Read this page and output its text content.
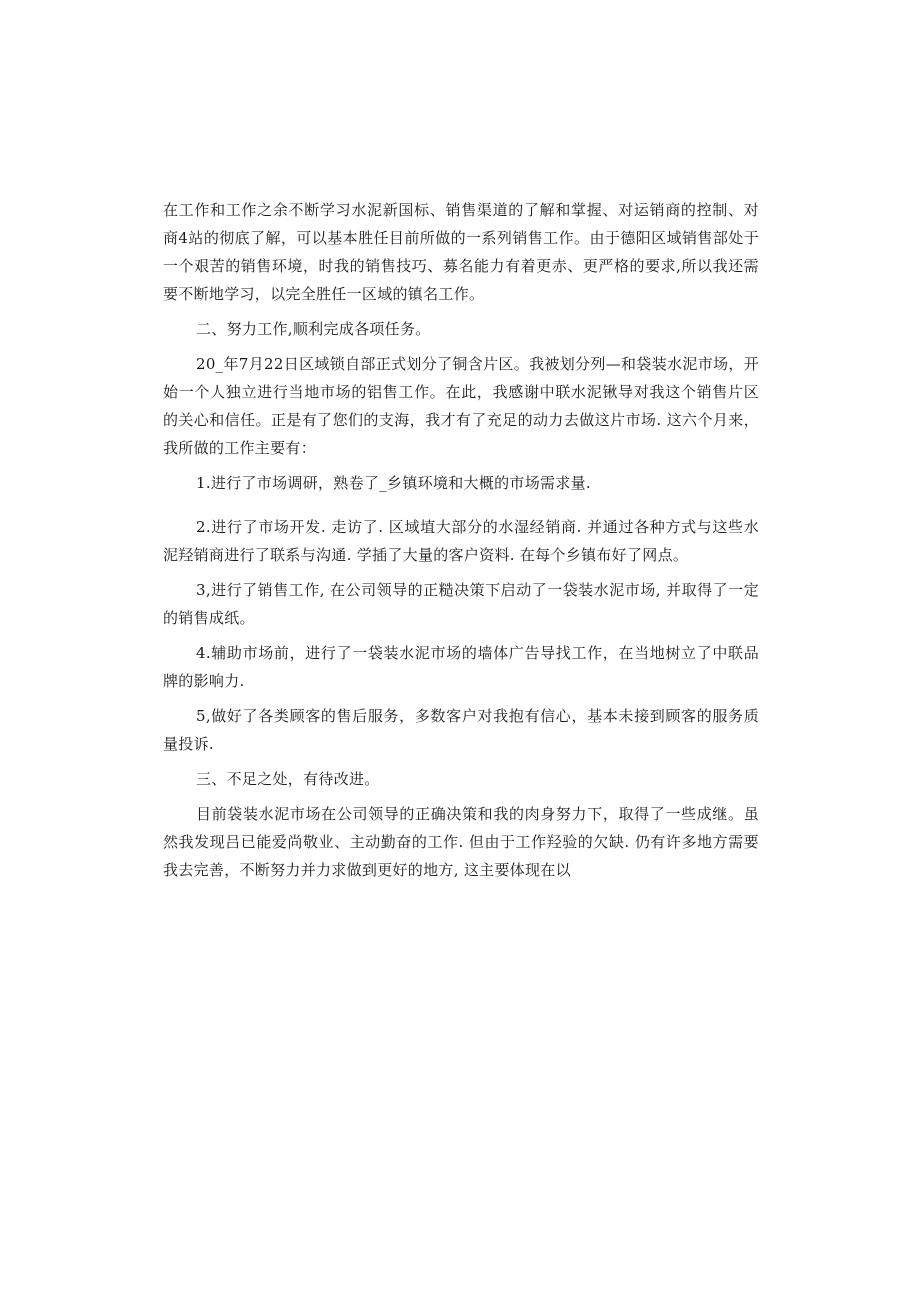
在工作和工作之余不断学习水泥新国标、销售渠道的了解和掌握、对运销商的控制、对商4站的彻底了解，可以基本胜任目前所做的一系列销售工作。由于德阳区域销售部处于一个艰苦的销售环境，时我的销售技巧、募名能力有着更赤、更严格的要求,所以我还需要不断地学习，以完全胜任一区域的镇名工作。

二、努力工作,顺利完成各项任务。

20_年7月22日区域锁自部正式划分了铜含片区。我被划分列—和袋装水泥市场，开始一个人独立进行当地市场的铝售工作。在此，我感谢中联水泥锹导对我这个销售片区的关心和信任。正是有了您们的支海，我才有了充足的动力去做这片市场. 这六个月来，我所做的工作主要有：

1.进行了市场调研，熟卷了_乡镇环境和大概的市场需求量.

2.进行了市场开发. 走访了. 区域埴大部分的水湿经销商. 并通过各种方式与这些水泥羟销商进行了联系与沟通. 学插了大量的客户资料. 在每个乡镇布好了网点。

3,进行了销售工作, 在公司领导的正糙决策下启动了一袋装水泥市场, 并取得了一定的销售成纸。

4.辅助市场前，进行了一袋装水泥市场的墙体广告导找工作，在当地树立了中联品牌的影响力.

5,做好了各类顾客的售后服务，多数客户对我抱有信心，基本未接到顾客的服务质量投诉.

三、不足之处，有待改进。

目前袋装水泥市场在公司领导的正确决策和我的肉身努力下，取得了一些成继。虽然我发现吕已能爱尚敬业、主动勤奋的工作. 但由于工作羟验的欠缺. 仍有许多地方需要我去完善，不断努力并力求做到更好的地方, 这主要体现在以
